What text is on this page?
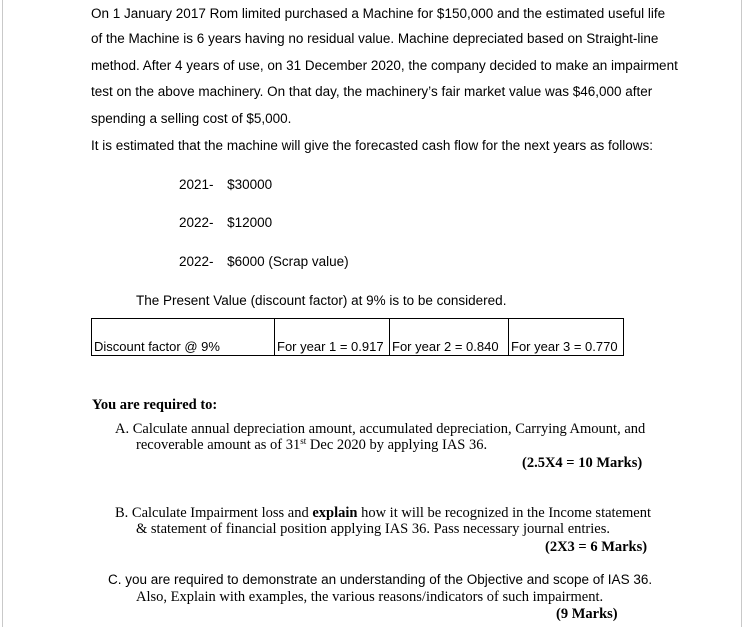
On 1 January 2017 Rom limited purchased a Machine for $150,000 and the estimated useful life
of the Machine is 6 years having no residual value. Machine depreciated based on Straight-line
method. After 4 years of use, on 31 December 2020, the company decided to make an impairment
test on the above machinery. On that day, the machinery’s fair market value was $46,000 after
spending a selling cost of $5,000.
It is estimated that the machine will give the forecasted cash flow for the next years as follows:
2021- $30000
2022- $12000
2022- $6000 (Scrap value)
The Present Value (discount factor) at 9% is to be considered.
Discount factor @ 9%	For year 1 = 0.917	For year 2 = 0.840	For year 3 = 0.770
You are required to:
A. Calculate annual depreciation amount, accumulated depreciation, Carrying Amount, and
recoverable amount as of 31st Dec 2020 by applying IAS 36.
(2.5X4 = 10 Marks)
B. Calculate Impairment loss and explain how it will be recognized in the Income statement
& statement of financial position applying IAS 36. Pass necessary journal entries.
(2X3 = 6 Marks)
C. you are required to demonstrate an understanding of the Objective and scope of IAS 36.
Also, Explain with examples, the various reasons/indicators of such impairment.
(9 Marks)
